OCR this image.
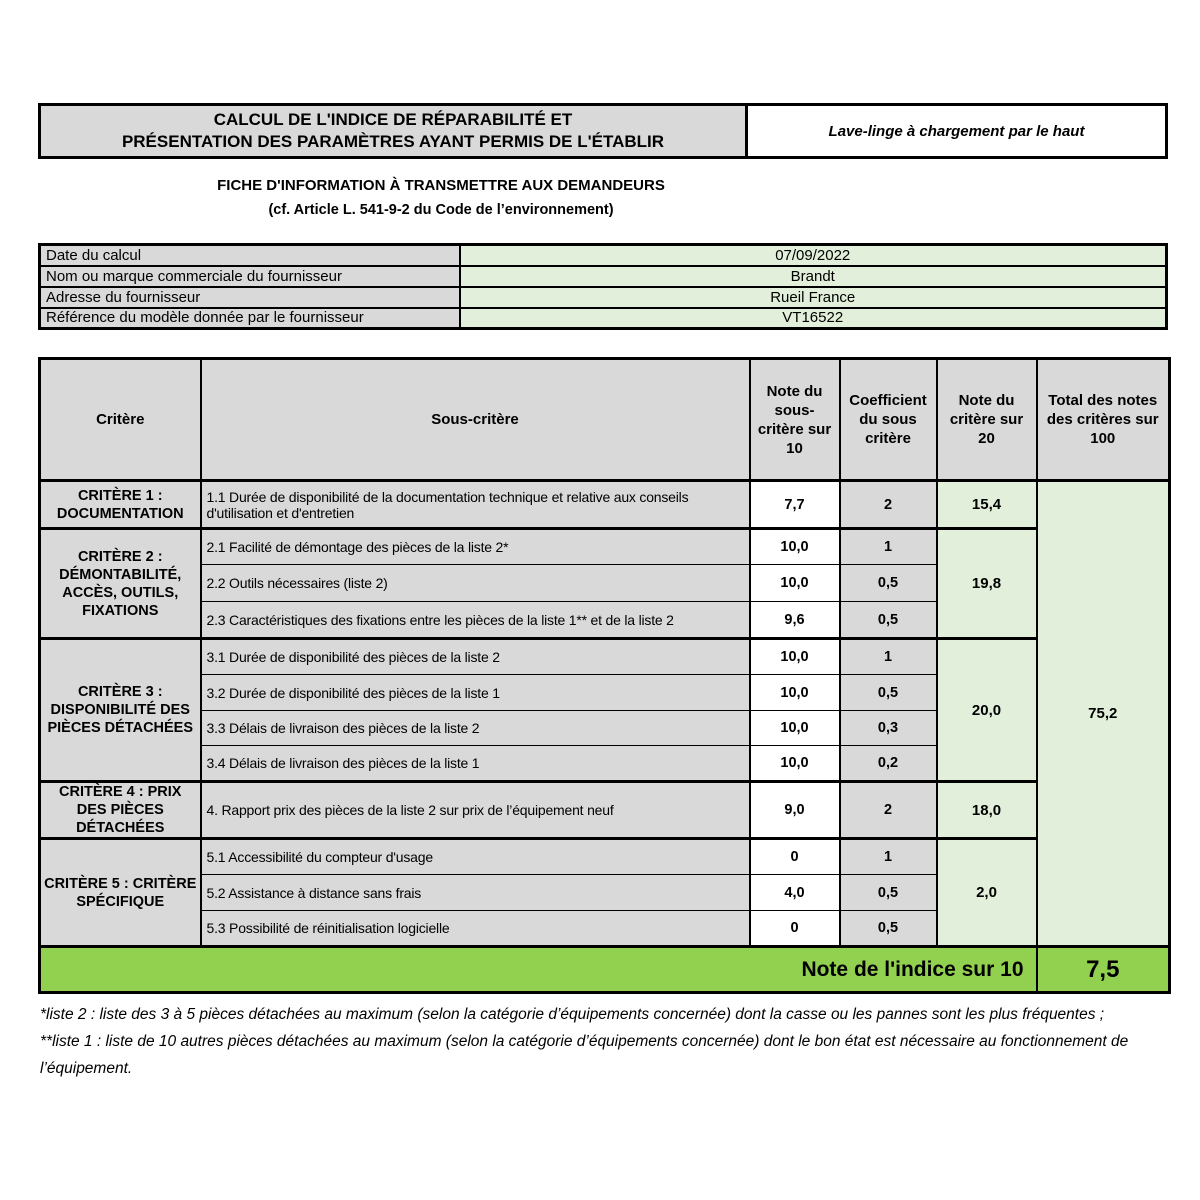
CALCUL DE L'INDICE DE RÉPARABILITÉ ET
PRÉSENTATION DES PARAMÈTRES AYANT PERMIS DE L'ÉTABLIR
Lave-linge à chargement par le haut

FICHE D'INFORMATION À TRANSMETTRE AUX DEMANDEURS

(cf. Article L. 541-9-2 du Code de l’environnement)

Date du calcul	07/09/2022
Nom ou marque commerciale du fournisseur	Brandt
Adresse du fournisseur	Rueil France
Référence du modèle donnée par le fournisseur	VT16522
Critère	Sous-critère	Note du sous-critère sur 10	Coefficient du sous critère	Note du critère sur 20	Total des notes des critères sur 100
CRITÈRE 1 : DOCUMENTATION	1.1 Durée de disponibilité de la documentation technique et relative aux conseils d'utilisation et d'entretien	7,7	2	15,4	75,2
CRITÈRE 2 : DÉMONTABILITÉ, ACCÈS, OUTILS, FIXATIONS	2.1 Facilité de démontage des pièces de la liste 2*	10,0	1	19,8	
	2.2 Outils nécessaires (liste 2)	10,0	0,5		
	2.3 Caractéristiques des fixations entre les pièces de la liste 1** et de la liste 2	9,6	0,5		
CRITÈRE 3 : DISPONIBILITÉ DES PIÈCES DÉTACHÉES	3.1 Durée de disponibilité des pièces de la liste 2	10,0	1	20,0	
	3.2 Durée de disponibilité des pièces de la liste 1	10,0	0,5		
	3.3 Délais de livraison des pièces de la liste 2	10,0	0,3		
	3.4 Délais de livraison des pièces de la liste 1	10,0	0,2		
CRITÈRE 4 : PRIX DES PIÈCES DÉTACHÉES	4. Rapport prix des pièces de la liste 2 sur prix de l’équipement neuf	9,0	2	18,0	
CRITÈRE 5 : CRITÈRE SPÉCIFIQUE	5.1 Accessibilité du compteur d'usage	0	1	2,0	
	5.2 Assistance à distance sans frais	4,0	0,5		
	5.3 Possibilité de réinitialisation logicielle	0	0,5		
Note de l'indice sur 10					7,5

*liste 2 : liste des 3 à 5 pièces détachées au maximum (selon la catégorie d’équipements concernée) dont la casse ou les pannes sont les plus fréquentes ;

**liste 1 : liste de 10 autres pièces détachées au maximum (selon la catégorie d’équipements concernée) dont le bon état est nécessaire au fonctionnement de l’équipement.
